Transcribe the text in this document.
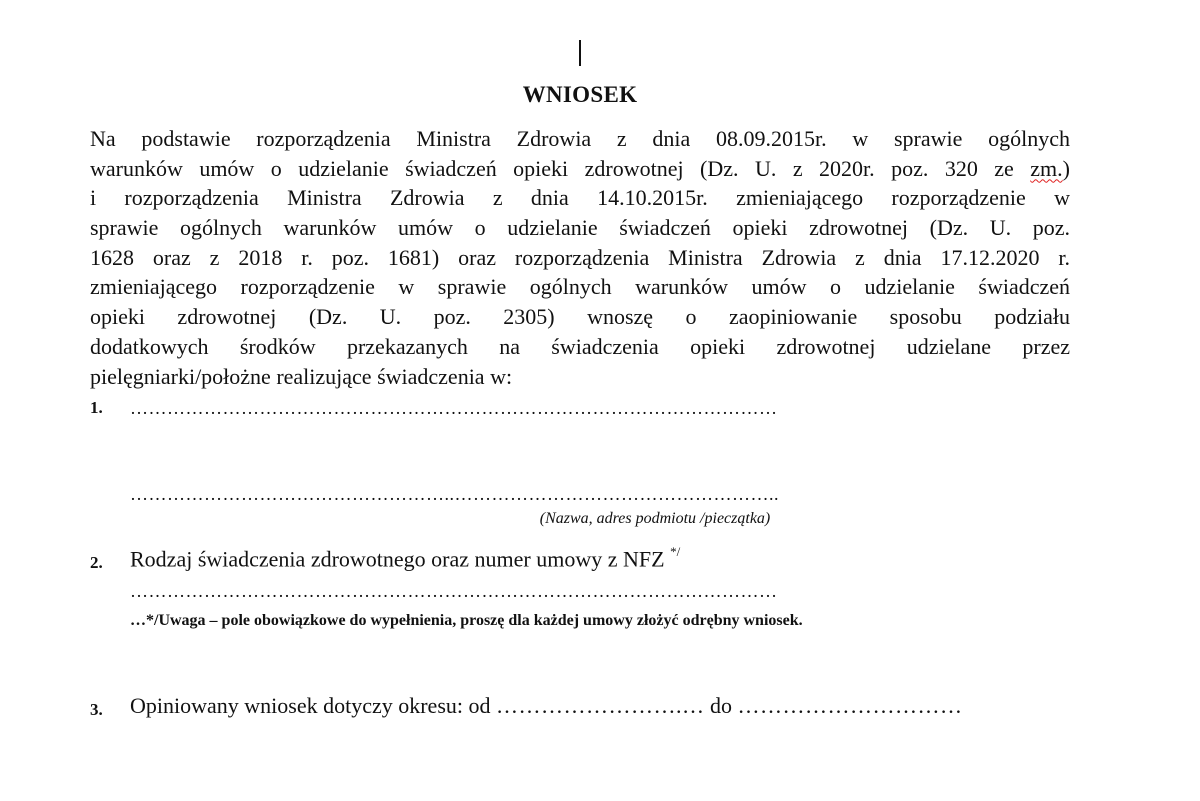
WNIOSEK
Na podstawie rozporządzenia Ministra Zdrowia z dnia 08.09.2015r. w sprawie ogólnych
warunków umów o udzielanie świadczeń opieki zdrowotnej (Dz. U. z 2020r. poz. 320 ze zm.)
i rozporządzenia Ministra Zdrowia z dnia 14.10.2015r. zmieniającego rozporządzenie w
sprawie ogólnych warunków umów o udzielanie świadczeń opieki zdrowotnej (Dz. U. poz.
1628 oraz z 2018 r. poz. 1681) oraz rozporządzenia Ministra Zdrowia z dnia 17.12.2020 r.
zmieniającego rozporządzenie w sprawie ogólnych warunków umów o udzielanie świadczeń
opieki zdrowotnej (Dz. U. poz. 2305) wnoszę o zaopiniowanie sposobu podziału
dodatkowych środków przekazanych na świadczenia opieki zdrowotnej udzielane przez
pielęgniarki/położne realizujące świadczenia w:
1. ……………………………………………………………………………………………
……………………………………………..……………………………………………..
(Nazwa, adres podmiotu /pieczątka)
2. Rodzaj świadczenia zdrowotnego oraz numer umowy z NFZ */
……………………………………………………………………………………………
…*/Uwaga – pole obowiązkowe do wypełnienia, proszę dla każdej umowy złożyć odrębny wniosek.
3. Opiniowany wniosek dotyczy okresu: od …………………….… do …………………………
